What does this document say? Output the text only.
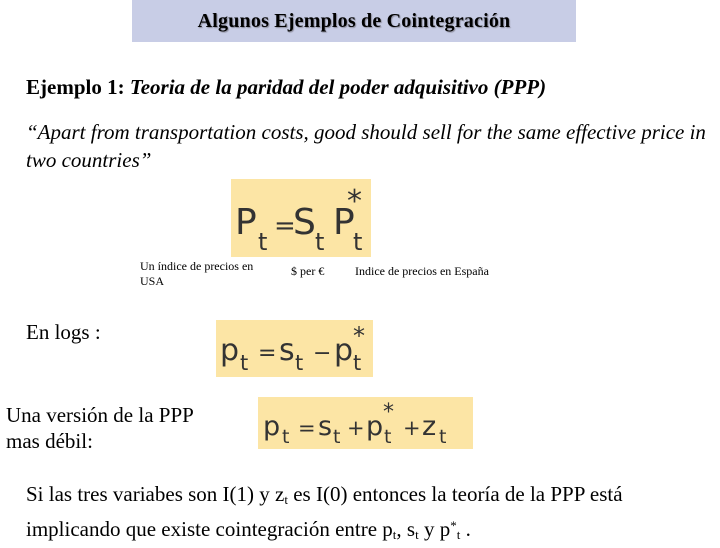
Algunos Ejemplos de Cointegración
Ejemplo 1: Teoria de la paridad del poder adquisitivo (PPP)
“Apart from transportation costs, good should sell for the same effective price in two countries”
P t
=
S t P
t
*
Un índice de precios en USA
$ per €	Indice de precios en España
En logs :
p t = s t − p t
*
Una versión de la PPP mas débil:	p t = s t + p t
*
+ z t
Si las tres variabes son I(1) y $z_t$ es I(0) entonces la teoría de la PPP está implicando que existe cointegración entre $p_t$, $s_t$ y $p^*_t$ .
